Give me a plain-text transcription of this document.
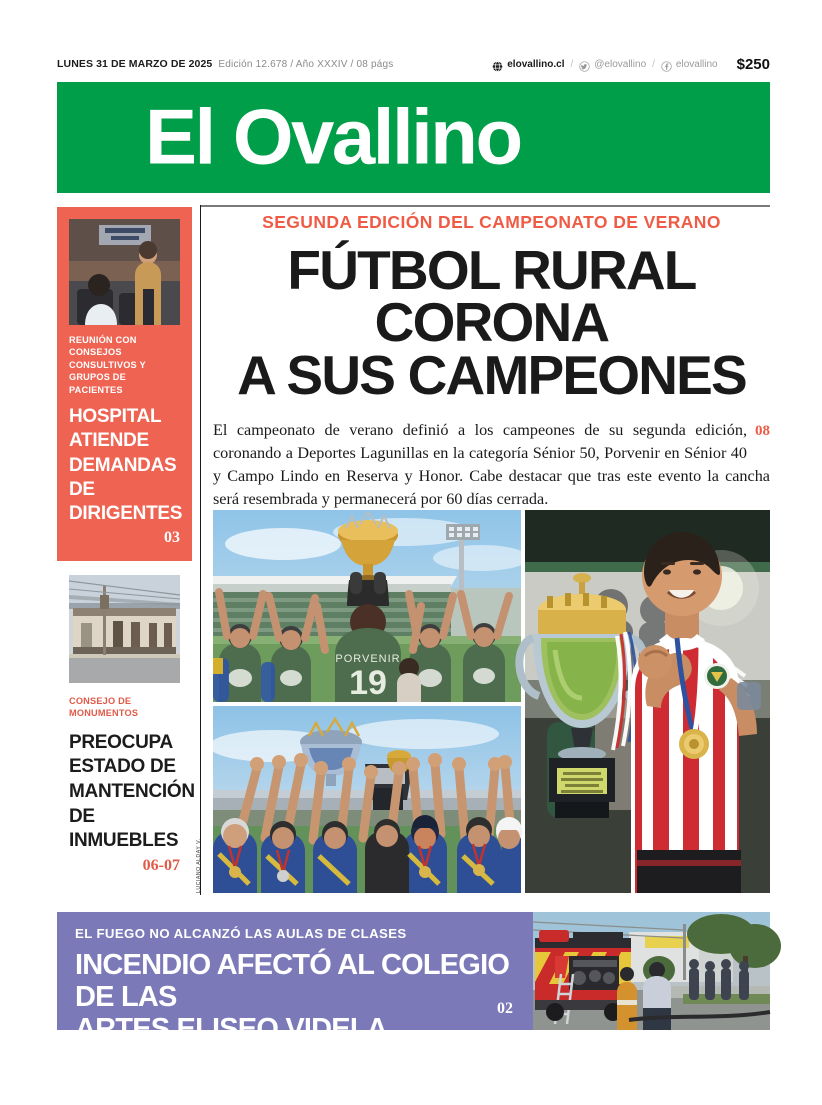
LUNES 31 DE MARZO DE 2025 Edición 12.678 / Año XXXIV / 08 págs	elovallino.cl / @elovallino / elovallino $250
El Ovallino
REUNIÓN CON CONSEJOS CONSULTIVOS Y GRUPOS DE PACIENTES
HOSPITAL ATIENDE DEMANDAS DE DIRIGENTES
03
CONSEJO DE MONUMENTOS
PREOCUPA ESTADO DE MANTENCIÓN DE INMUEBLES
06-07
SEGUNDA EDICIÓN DEL CAMPEONATO DE VERANO
FÚTBOL RURAL CORONA
A SUS CAMPEONES
08
El campeonato de verano definió a los campeones de su segunda edición, coronando a Deportes Lagunillas en la categoría Sénior 50, Porvenir en Sénior 40 y Campo Lindo en Reserva y Honor. Cabe destacar que tras este evento la cancha será resembrada y permanecerá por 60 días cerrada.
PORVENIR
19
LUCIANO ALDAY V.
EL FUEGO NO ALCANZÓ LAS AULAS DE CLASES
INCENDIO AFECTÓ AL COLEGIO DE LAS
ARTES ELISEO VIDELA JORQUERA
02
